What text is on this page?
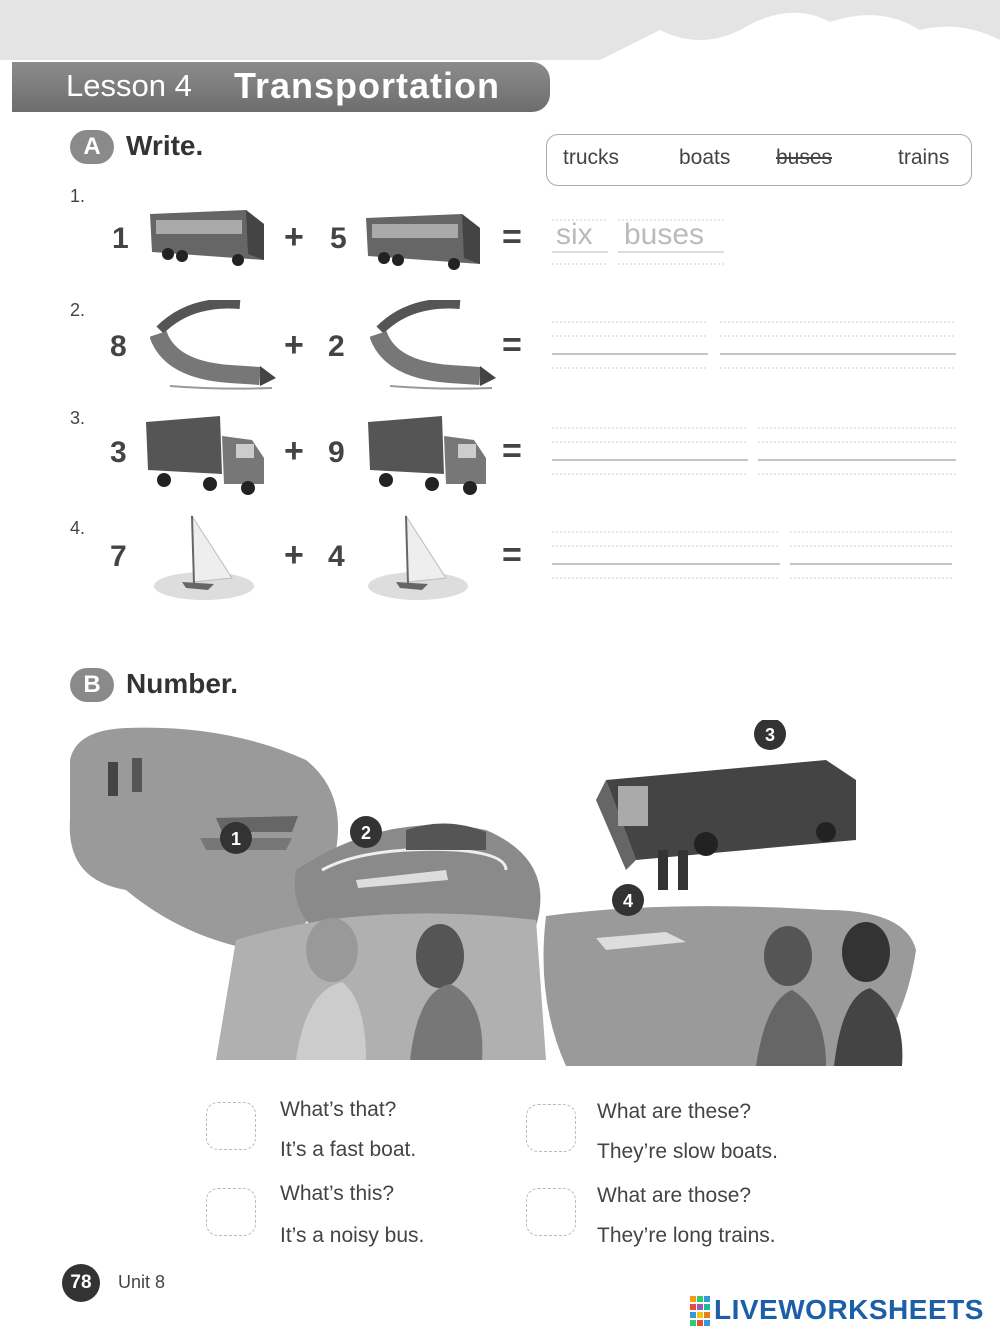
Lesson 4 Transportation
A Write.	trucks	boats buses	trains
1.
1	+ 5	= six buses
2.
8	+ 2	=
3.
3	+ 9	=
4.
7	+ 4	=
B Number.
1	2
3
4
What’s that?
It’s a fast boat.
What are these?
They’re slow boats.
What’s this?
It’s a noisy bus.
What are those?
They’re long trains.
78	Unit 8
LIVEWORKSHEETS
